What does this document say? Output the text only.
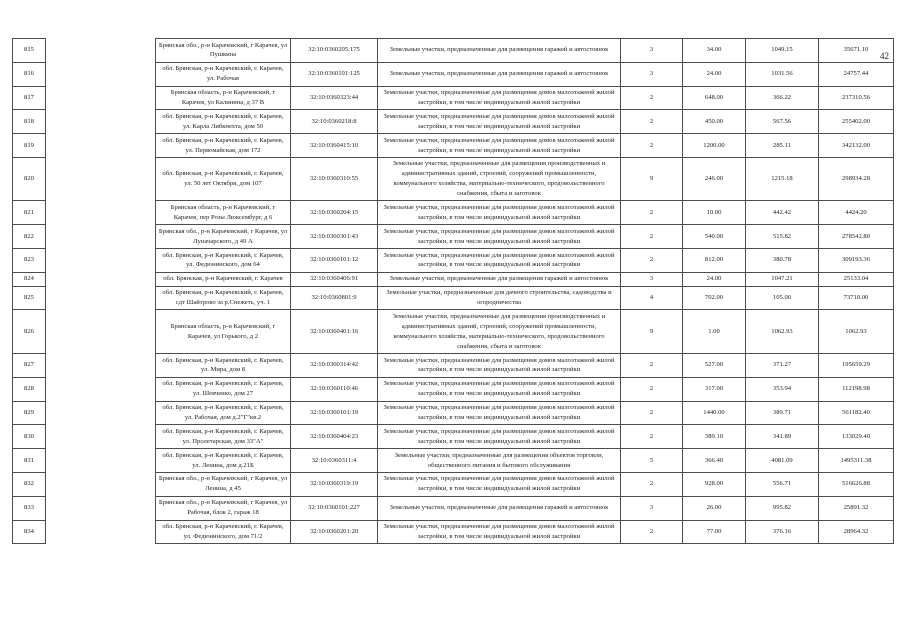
42
815		Брянская обл., р-н Карачевский, г Карачев, ул Пушкина	32:10:0360205:175	Земельные участки, предназначенные для размещения гаражей и автостоянок	3	34.00	1049.15	35671.10
816		обл. Брянская, р-н Карачевский, г. Карачев, ул. Рабочая	32:10:0360101:125	Земельные участки, предназначенные для размещения гаражей и автостоянок	3	24.00	1031.56	24757.44
817		Брянская область, р-н Карачевский, г Карачев, ул Калинина, д 37 В	32:10:0360323:44	Земельные участки, предназначенные для размещения домов малоэтажной жилой застройки, в том числе индивидуальной жилой застройки	2	648.00	366.22	237310.56
818		обл. Брянская, р-н Карачевский, г. Карачев, ул. Карла Либкнехта, дом 50	32:10:0360218:8	Земельные участки, предназначенные для размещения домов малоэтажной жилой застройки, в том числе индивидуальной жилой застройки	2	450.00	567.56	255402.00
819		обл. Брянская, р-н Карачевский, г. Карачев, ул. Первомайская, дом 172	32:10:0360415:10	Земельные участки, предназначенные для размещения домов малоэтажной жилой застройки, в том числе индивидуальной жилой застройки	2	1200.00	285.11	342132.00
820		обл. Брянская, р-н Карачевский, г. Карачев, ул. 50 лет Октября, дом 107	32:10:0360310:55	Земельные участки, предназначенные для размещения производственных и административных зданий, строений, сооружений промышленности, коммунального хозяйства, материально-технического, продовольственного снабжения, сбыта и заготовок	9	246.00	1215.18	298934.28
821		Брянская область, р-н Карачевский, г Карачев, пер Розы Люксембург, д 6	32:10:0360204:15	Земельные участки, предназначенные для размещения домов малоэтажной жилой застройки, в том числе индивидуальной жилой застройки	2	10.00	442.42	4424.20
822		Брянская обл., р-н Карачевский, г Карачев, ул Луначарского, д 49 А	32:10:0360301:43	Земельные участки, предназначенные для размещения домов малоэтажной жилой застройки, в том числе индивидуальной жилой застройки	2	540.00	515.82	278542.80
823		обл. Брянская, р-н Карачевский, г. Карачев, ул. Федюнинского, дом 64	32:10:0360101:12	Земельные участки, предназначенные для размещения домов малоэтажной жилой застройки, в том числе индивидуальной жилой застройки	2	812.00	380.78	309193.36
824		обл. Брянская, р-н Карачевский, г. Карачев	32:10:0360406:91	Земельные участки, предназначенные для размещения гаражей и автостоянок	3	24.00	1047.21	25133.04
825		обл. Брянская, р-н Карачевский, г. Карачев, сдт Шайтрово за р.Снежеть, уч. 1	32:10:0360801:9	Земельные участки, предназначенные для дачного строительства, садоводства и огородничества	4	702.00	105.00	73710.00
826		Брянская область, р-н Карачевский, г Карачев, ул Горького, д 2	32:10:0360401:16	Земельные участки, предназначенные для размещения производственных и административных зданий, строений, сооружений промышленности, коммунального хозяйства, материально-технического, продовольственного снабжения, сбыта и заготовок	9	1.00	1062.93	1062.93
827		обл. Брянская, р-н Карачевский, г. Карачев, ул. Мира, дом 8	32:10:0360314:42	Земельные участки, предназначенные для размещения домов малоэтажной жилой застройки, в том числе индивидуальной жилой застройки	2	527.00	371.27	195659.29
828		обл. Брянская, р-н Карачевский, г. Карачев, ул. Шевченко, дом 27	32:10:0360110:46	Земельные участки, предназначенные для размещения домов малоэтажной жилой застройки, в том числе индивидуальной жилой застройки	2	317.00	353.94	112198.98
829		обл. Брянская, р-н Карачевский, г. Карачев, ул. Рабочая, дом д.2"Г"кв.2	32:10:0360101:19	Земельные участки, предназначенные для размещения домов малоэтажной жилой застройки, в том числе индивидуальной жилой застройки	2	1440.00	389.71	561182.40
830		обл. Брянская, р-н Карачевский, г. Карачев, ул. Пролетарская, дом 33"А"	32:10:0360404:23	Земельные участки, предназначенные для размещения домов малоэтажной жилой застройки, в том числе индивидуальной жилой застройки	2	389.10	341.89	133029.40
831		обл. Брянская, р-н Карачевский, г. Карачев, ул. Ленина, дом д.21Б	32:10:0360311:4	Земельные участки, предназначенные для размещения объектов торговли, общественного питания и бытового обслуживания	5	366.40	4081.09	1495311.38
832		Брянская обл., р-н Карачевский, г Карачев, ул Ленина, д 45	32:10:0360319:19	Земельные участки, предназначенные для размещения домов малоэтажной жилой застройки, в том числе индивидуальной жилой застройки	2	928.00	556.71	516626.88
833		Брянская обл., р-н Карачевский, г Карачев, ул Рабочая, блок 2, гараж 18	32:10:0360101:227	Земельные участки, предназначенные для размещения гаражей и автостоянок	3	26.00	995.82	25891.32
834		обл. Брянская, р-н Карачевский, г. Карачев, ул. Федюнинского, дом 71/2	32:10:0360201:20	Земельные участки, предназначенные для размещения домов малоэтажной жилой застройки, в том числе индивидуальной жилой застройки	2	77.00	376.16	28964.32
